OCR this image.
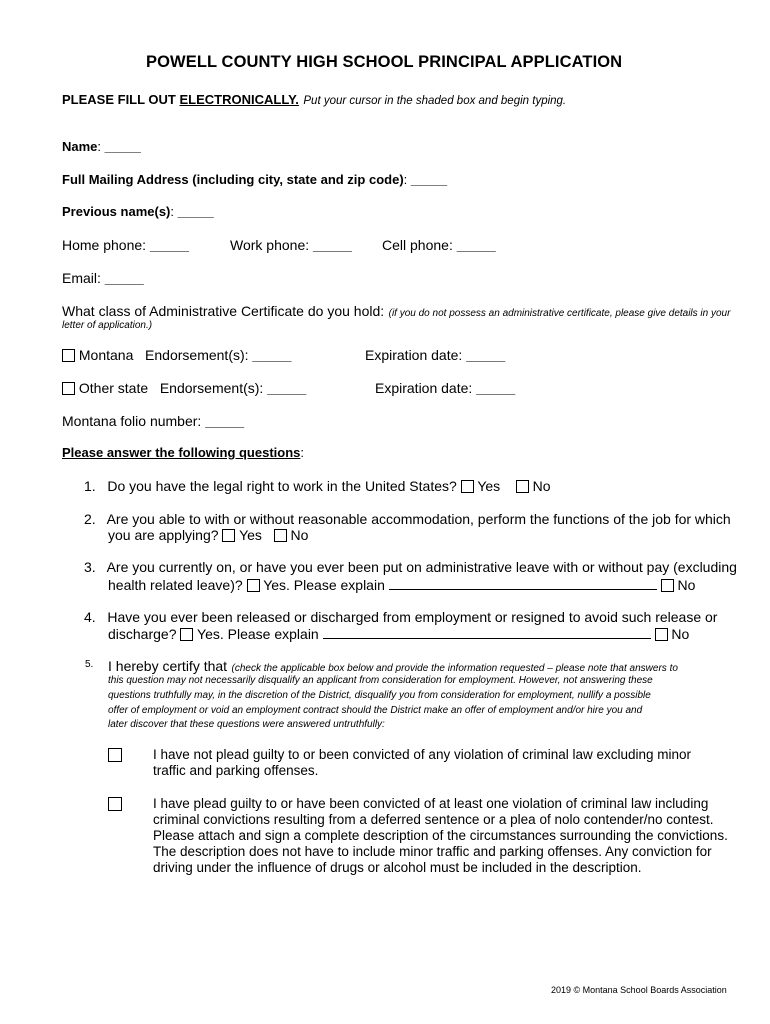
POWELL COUNTY HIGH SCHOOL PRINCIPAL APPLICATION
PLEASE FILL OUT ELECTRONICALLY. Put your cursor in the shaded box and begin typing.
Name: _____
Full Mailing Address (including city, state and zip code): _____
Previous name(s): _____
Home phone: _____	Work phone: _____ Cell phone: _____
Email: _____
What class of Administrative Certificate do you hold: (if you do not possess an administrative certificate, please give details in your
letter of application.)
Montana Endorsement(s): _____	Expiration date: _____
Other state Endorsement(s): _____	Expiration date: _____
Montana folio number: _____
Please answer the following questions:
1. Do you have the legal right to work in the United States? Yes No
2. Are you able to with or without reasonable accommodation, perform the functions of the job for which
you are applying? Yes No
3. Are you currently on, or have you ever been put on administrative leave with or without pay (excluding
health related leave)? Yes. Please explain	No
4. Have you ever been released or discharged from employment or resigned to avoid such release or
discharge? Yes. Please explain	No
5. I hereby certify that (check the applicable box below and provide the information requested – please note that answers to
this question may not necessarily disqualify an applicant from consideration for employment. However, not answering these
questions truthfully may, in the discretion of the District, disqualify you from consideration for employment, nullify a possible
offer of employment or void an employment contract should the District make an offer of employment and/or hire you and
later discover that these questions were answered untruthfully:
I have not plead guilty to or been convicted of any violation of criminal law excluding minor traffic and parking offenses.
I have plead guilty to or have been convicted of at least one violation of criminal law including criminal convictions resulting from a deferred sentence or a plea of nolo contender/no contest. Please attach and sign a complete description of the circumstances surrounding the convictions. The description does not have to include minor traffic and parking offenses. Any conviction for driving under the influence of drugs or alcohol must be included in the description.
2019 © Montana School Boards Association
